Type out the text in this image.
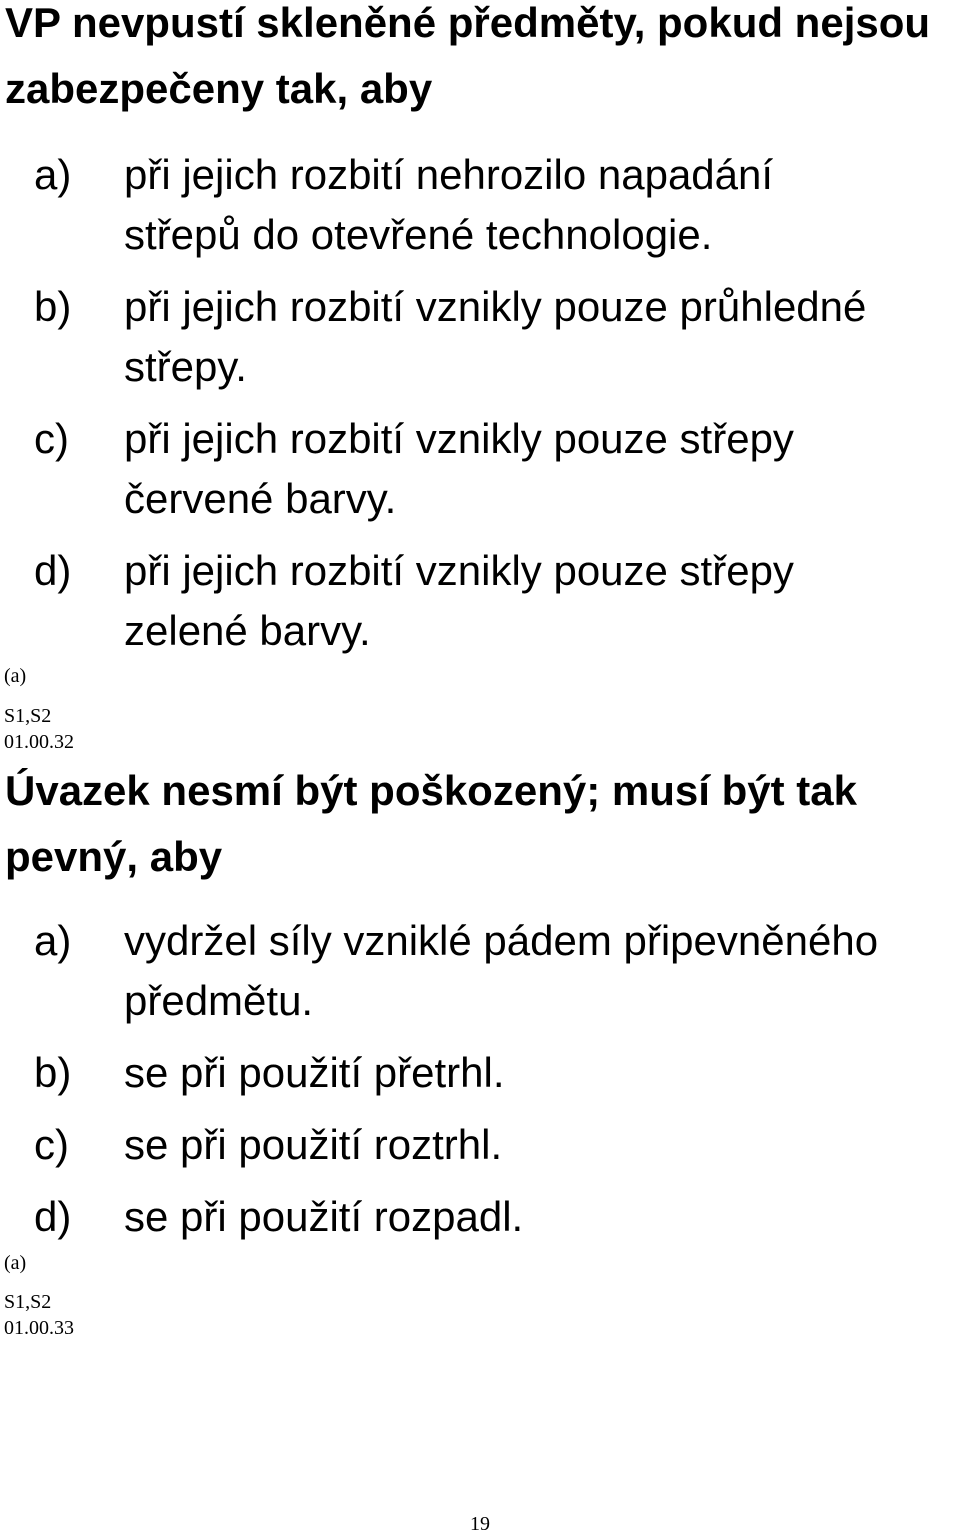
VP nevpustí skleněné předměty, pokud nejsou zabezpečeny tak, aby
a)	při jejich rozbití nehrozilo napadání střepů do otevřené technologie.
b)	při jejich rozbití vznikly pouze průhledné střepy.
c)	při jejich rozbití vznikly pouze střepy červené barvy.
d)	při jejich rozbití vznikly pouze střepy zelené barvy.

(a)

S1,S2

01.00.32

Úvazek nesmí být poškozený; musí být tak pevný, aby
a)	vydržel síly vzniklé pádem připevněného předmětu.
b)	se při použití přetrhl.
c)	se při použití roztrhl.
d)	se při použití rozpadl.

(a)

S1,S2

01.00.33

19
